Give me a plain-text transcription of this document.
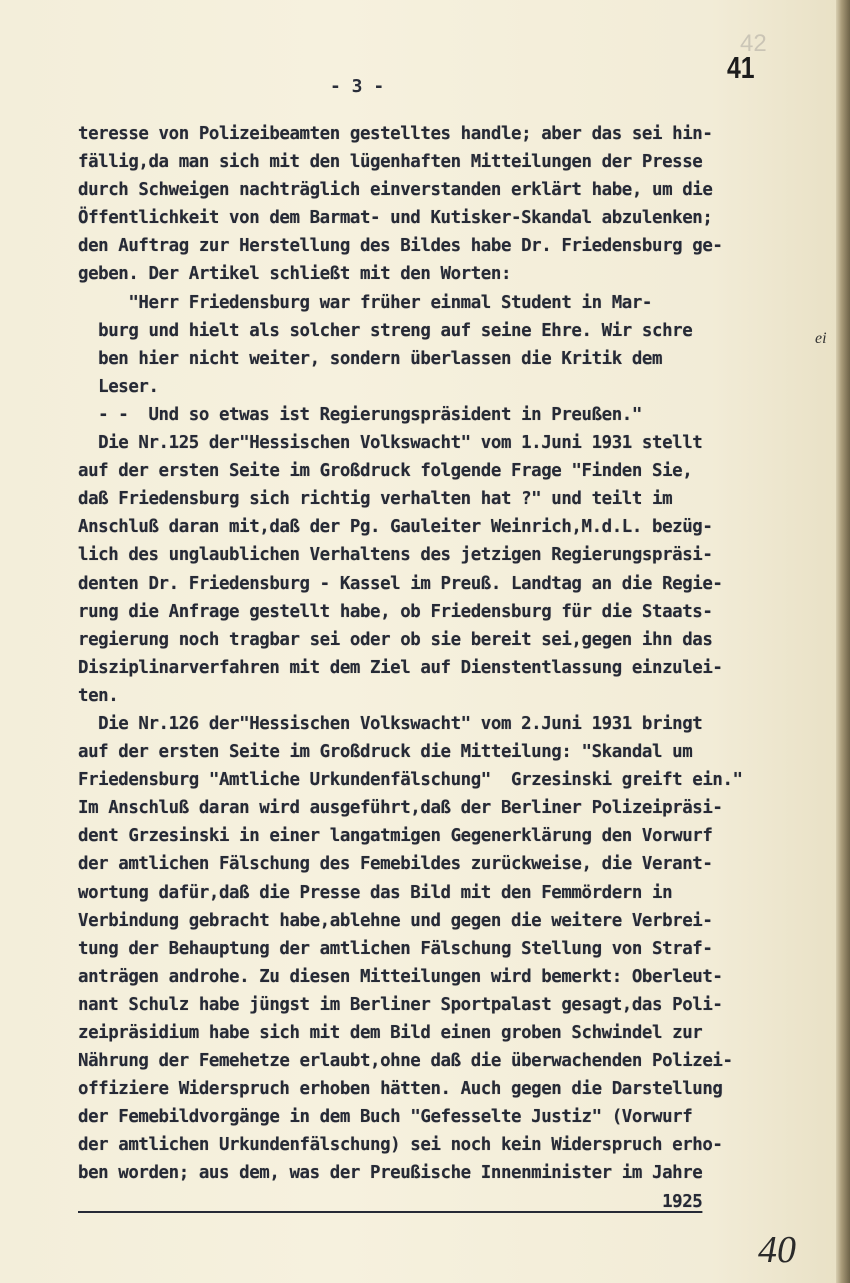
42
41
- 3 -
teresse von Polizeibeamten gestelltes handle; aber das sei hin-
fällig,da man sich mit den lügenhaften Mitteilungen der Presse
durch Schweigen nachträglich einverstanden erklärt habe, um die
Öffentlichkeit von dem Barmat- und Kutisker-Skandal abzulenken;
den Auftrag zur Herstellung des Bildes habe Dr. Friedensburg ge-
geben. Der Artikel schließt mit den Worten:
"Herr Friedensburg war früher einmal Student in Mar-
burg und hielt als solcher streng auf seine Ehre. Wir schre
ben hier nicht weiter, sondern überlassen die Kritik dem
Leser.
- -  Und so etwas ist Regierungspräsident in Preußen."
Die Nr.125 der"Hessischen Volkswacht" vom 1.Juni 1931 stellt
auf der ersten Seite im Großdruck folgende Frage "Finden Sie,
daß Friedensburg sich richtig verhalten hat ?" und teilt im
Anschluß daran mit,daß der Pg. Gauleiter Weinrich,M.d.L. bezüg-
lich des unglaublichen Verhaltens des jetzigen Regierungspräsi-
denten Dr. Friedensburg - Kassel im Preuß. Landtag an die Regie-
rung die Anfrage gestellt habe, ob Friedensburg für die Staats-
regierung noch tragbar sei oder ob sie bereit sei,gegen ihn das
Disziplinarverfahren mit dem Ziel auf Dienstentlassung einzulei-
ten.
Die Nr.126 der"Hessischen Volkswacht" vom 2.Juni 1931 bringt
auf der ersten Seite im Großdruck die Mitteilung: "Skandal um
Friedensburg "Amtliche Urkundenfälschung"  Grzesinski greift ein."
Im Anschluß daran wird ausgeführt,daß der Berliner Polizeipräsi-
dent Grzesinski in einer langatmigen Gegenerklärung den Vorwurf
der amtlichen Fälschung des Femebildes zurückweise, die Verant-
wortung dafür,daß die Presse das Bild mit den Femmördern in
Verbindung gebracht habe,ablehne und gegen die weitere Verbrei-
tung der Behauptung der amtlichen Fälschung Stellung von Straf-
anträgen androhe. Zu diesen Mitteilungen wird bemerkt: Oberleut-
nant Schulz habe jüngst im Berliner Sportpalast gesagt,das Poli-
zeipräsidium habe sich mit dem Bild einen groben Schwindel zur
Nährung der Femehetze erlaubt,ohne daß die überwachenden Polizei-
offiziere Widerspruch erhoben hätten. Auch gegen die Darstellung
der Femebildvorgänge in dem Buch "Gefesselte Justiz" (Vorwurf
der amtlichen Urkundenfälschung) sei noch kein Widerspruch erho-
ben worden; aus dem, was der Preußische Innenminister im Jahre
1925
ei
40
